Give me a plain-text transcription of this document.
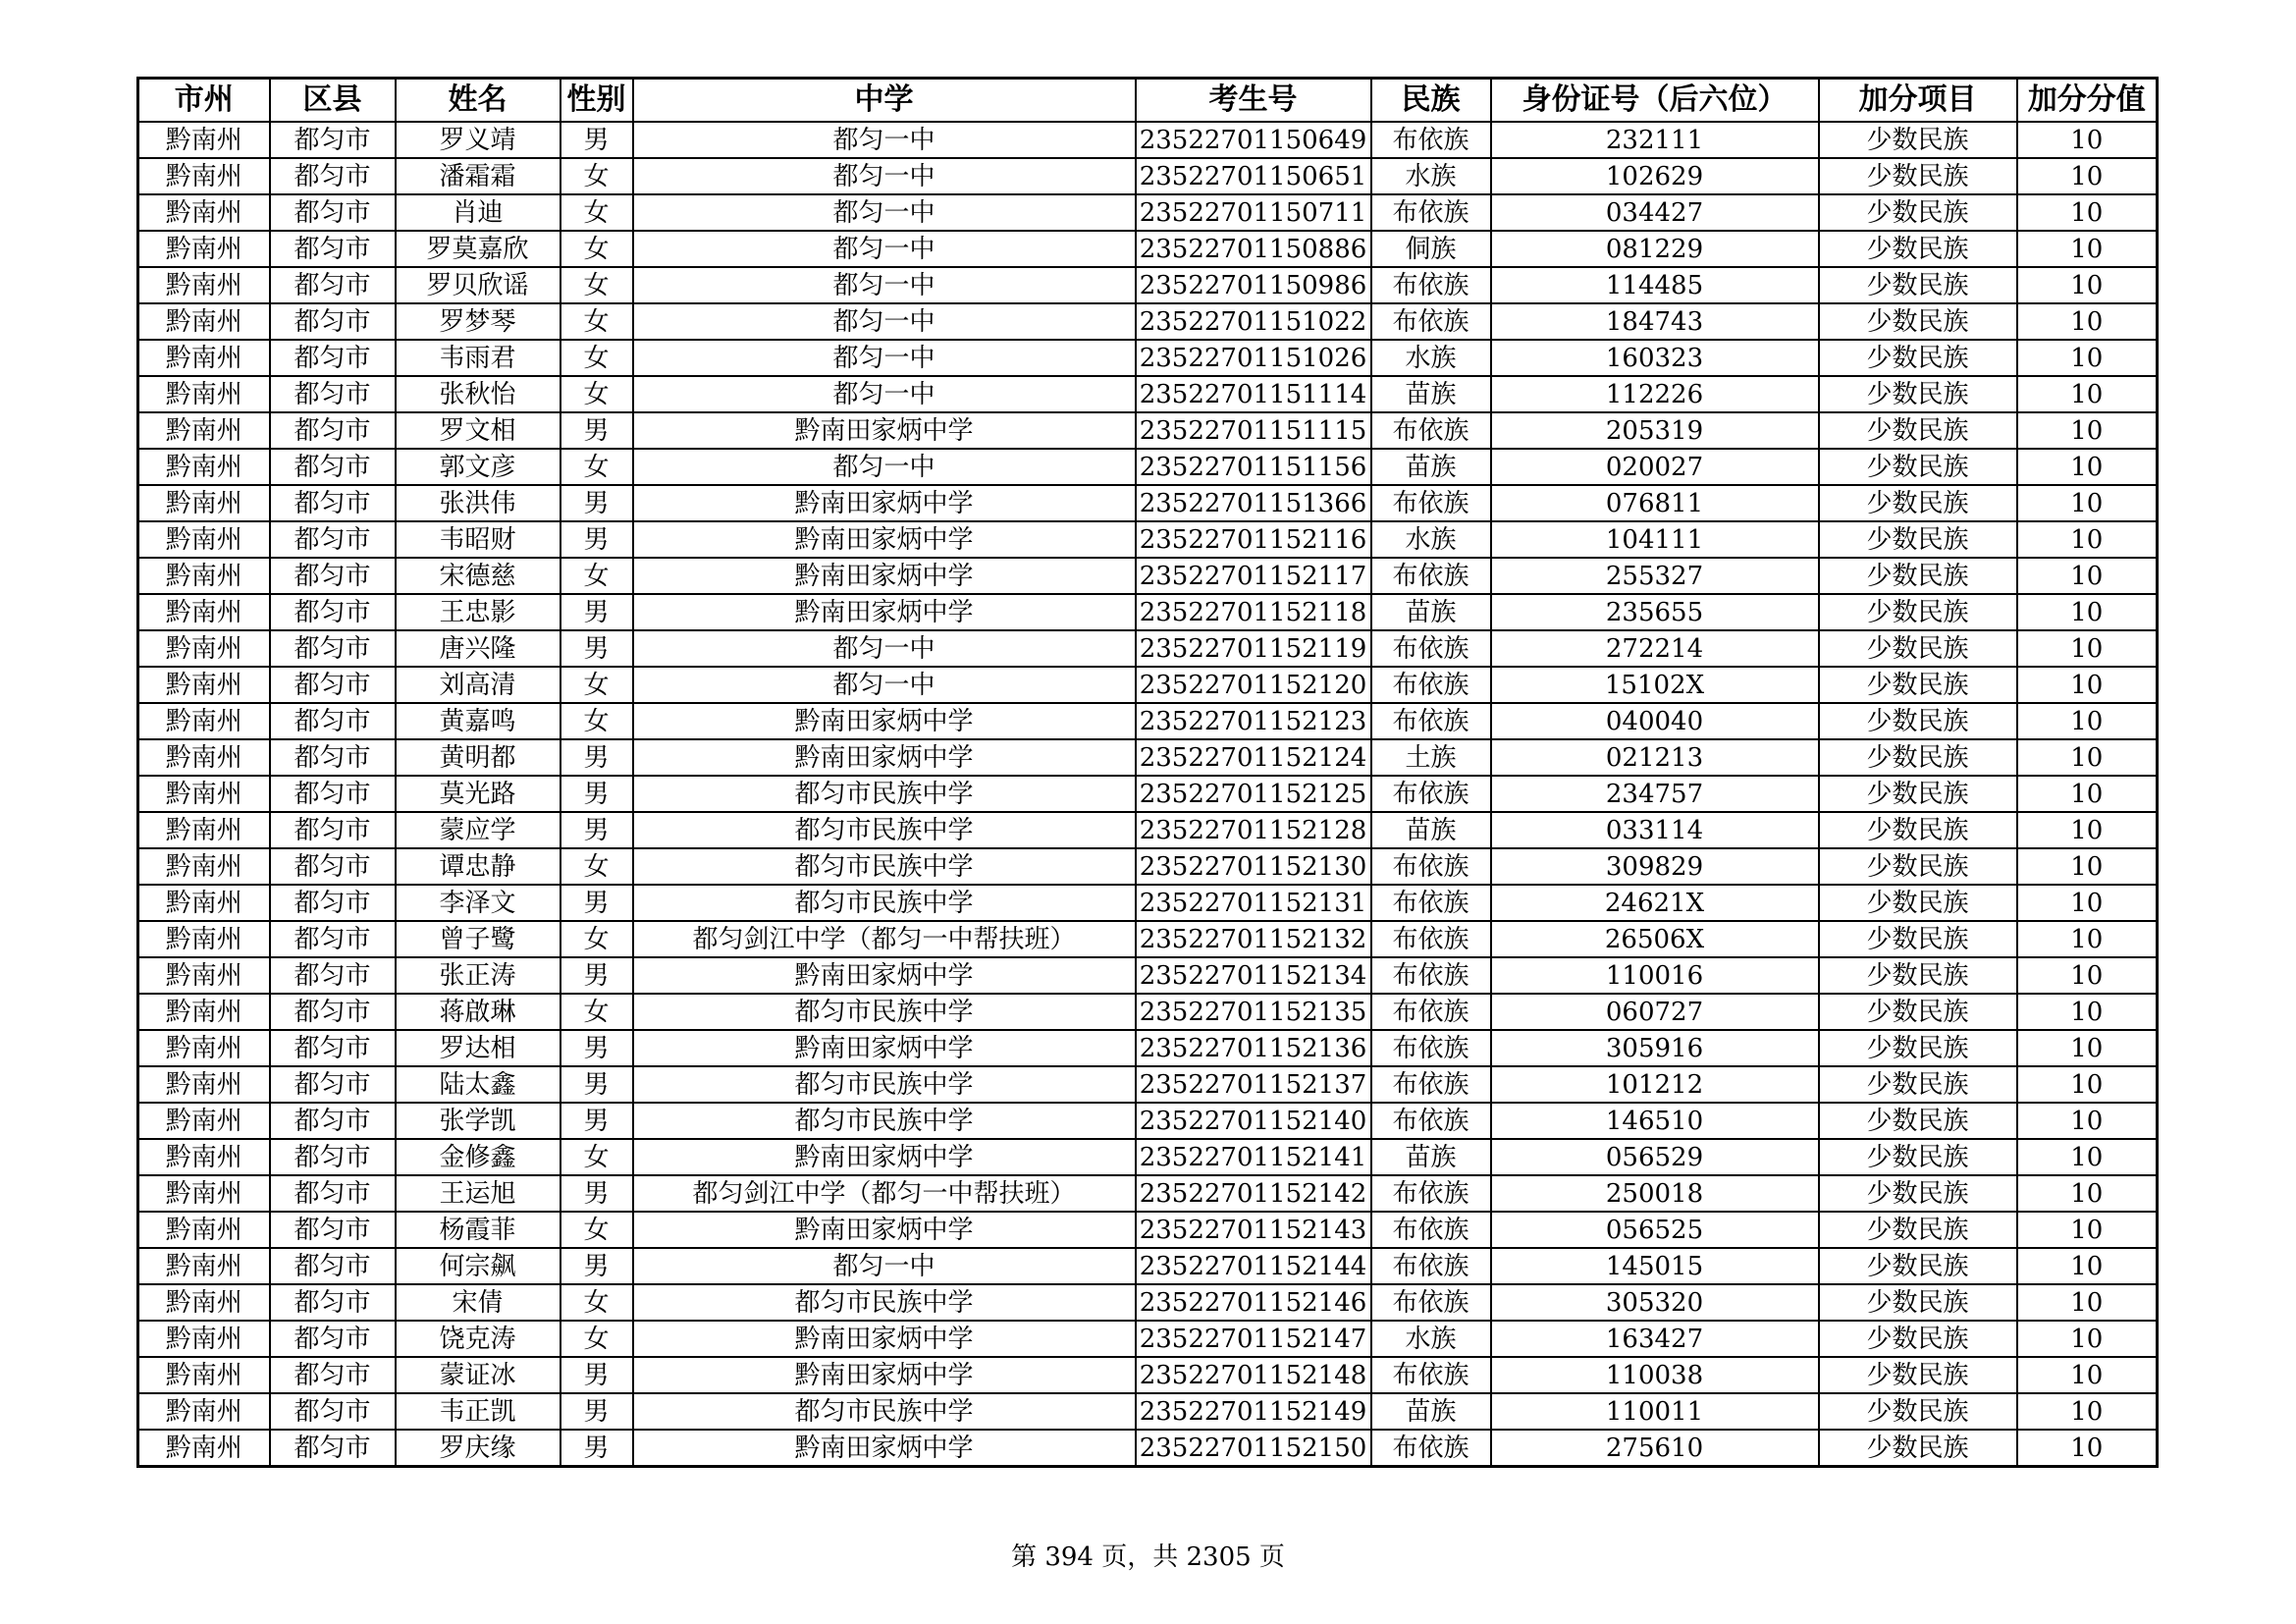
市州	区县	姓名	性别	中学	考生号	民族	身份证号（后六位）	加分项目	加分分值
黔南州	都匀市	罗义靖	男	都匀一中	23522701150649	布依族	232111	少数民族	10
黔南州	都匀市	潘霜霜	女	都匀一中	23522701150651	水族	102629	少数民族	10
黔南州	都匀市	肖迪	女	都匀一中	23522701150711	布依族	034427	少数民族	10
黔南州	都匀市	罗莫嘉欣	女	都匀一中	23522701150886	侗族	081229	少数民族	10
黔南州	都匀市	罗贝欣谣	女	都匀一中	23522701150986	布依族	114485	少数民族	10
黔南州	都匀市	罗梦琴	女	都匀一中	23522701151022	布依族	184743	少数民族	10
黔南州	都匀市	韦雨君	女	都匀一中	23522701151026	水族	160323	少数民族	10
黔南州	都匀市	张秋怡	女	都匀一中	23522701151114	苗族	112226	少数民族	10
黔南州	都匀市	罗文相	男	黔南田家炳中学	23522701151115	布依族	205319	少数民族	10
黔南州	都匀市	郭文彦	女	都匀一中	23522701151156	苗族	020027	少数民族	10
黔南州	都匀市	张洪伟	男	黔南田家炳中学	23522701151366	布依族	076811	少数民族	10
黔南州	都匀市	韦昭财	男	黔南田家炳中学	23522701152116	水族	104111	少数民族	10
黔南州	都匀市	宋德慈	女	黔南田家炳中学	23522701152117	布依族	255327	少数民族	10
黔南州	都匀市	王忠影	男	黔南田家炳中学	23522701152118	苗族	235655	少数民族	10
黔南州	都匀市	唐兴隆	男	都匀一中	23522701152119	布依族	272214	少数民族	10
黔南州	都匀市	刘高清	女	都匀一中	23522701152120	布依族	15102X	少数民族	10
黔南州	都匀市	黄嘉鸣	女	黔南田家炳中学	23522701152123	布依族	040040	少数民族	10
黔南州	都匀市	黄明都	男	黔南田家炳中学	23522701152124	土族	021213	少数民族	10
黔南州	都匀市	莫光路	男	都匀市民族中学	23522701152125	布依族	234757	少数民族	10
黔南州	都匀市	蒙应学	男	都匀市民族中学	23522701152128	苗族	033114	少数民族	10
黔南州	都匀市	谭忠静	女	都匀市民族中学	23522701152130	布依族	309829	少数民族	10
黔南州	都匀市	李泽文	男	都匀市民族中学	23522701152131	布依族	24621X	少数民族	10
黔南州	都匀市	曾子鹭	女	都匀剑江中学（都匀一中帮扶班）	23522701152132	布依族	26506X	少数民族	10
黔南州	都匀市	张正涛	男	黔南田家炳中学	23522701152134	布依族	110016	少数民族	10
黔南州	都匀市	蒋啟琳	女	都匀市民族中学	23522701152135	布依族	060727	少数民族	10
黔南州	都匀市	罗达相	男	黔南田家炳中学	23522701152136	布依族	305916	少数民族	10
黔南州	都匀市	陆太鑫	男	都匀市民族中学	23522701152137	布依族	101212	少数民族	10
黔南州	都匀市	张学凯	男	都匀市民族中学	23522701152140	布依族	146510	少数民族	10
黔南州	都匀市	金修鑫	女	黔南田家炳中学	23522701152141	苗族	056529	少数民族	10
黔南州	都匀市	王运旭	男	都匀剑江中学（都匀一中帮扶班）	23522701152142	布依族	250018	少数民族	10
黔南州	都匀市	杨霞菲	女	黔南田家炳中学	23522701152143	布依族	056525	少数民族	10
黔南州	都匀市	何宗飙	男	都匀一中	23522701152144	布依族	145015	少数民族	10
黔南州	都匀市	宋倩	女	都匀市民族中学	23522701152146	布依族	305320	少数民族	10
黔南州	都匀市	饶克涛	女	黔南田家炳中学	23522701152147	水族	163427	少数民族	10
黔南州	都匀市	蒙证冰	男	黔南田家炳中学	23522701152148	布依族	110038	少数民族	10
黔南州	都匀市	韦正凯	男	都匀市民族中学	23522701152149	苗族	110011	少数民族	10
黔南州	都匀市	罗庆缘	男	黔南田家炳中学	23522701152150	布依族	275610	少数民族	10
第 394 页，共 2305 页
